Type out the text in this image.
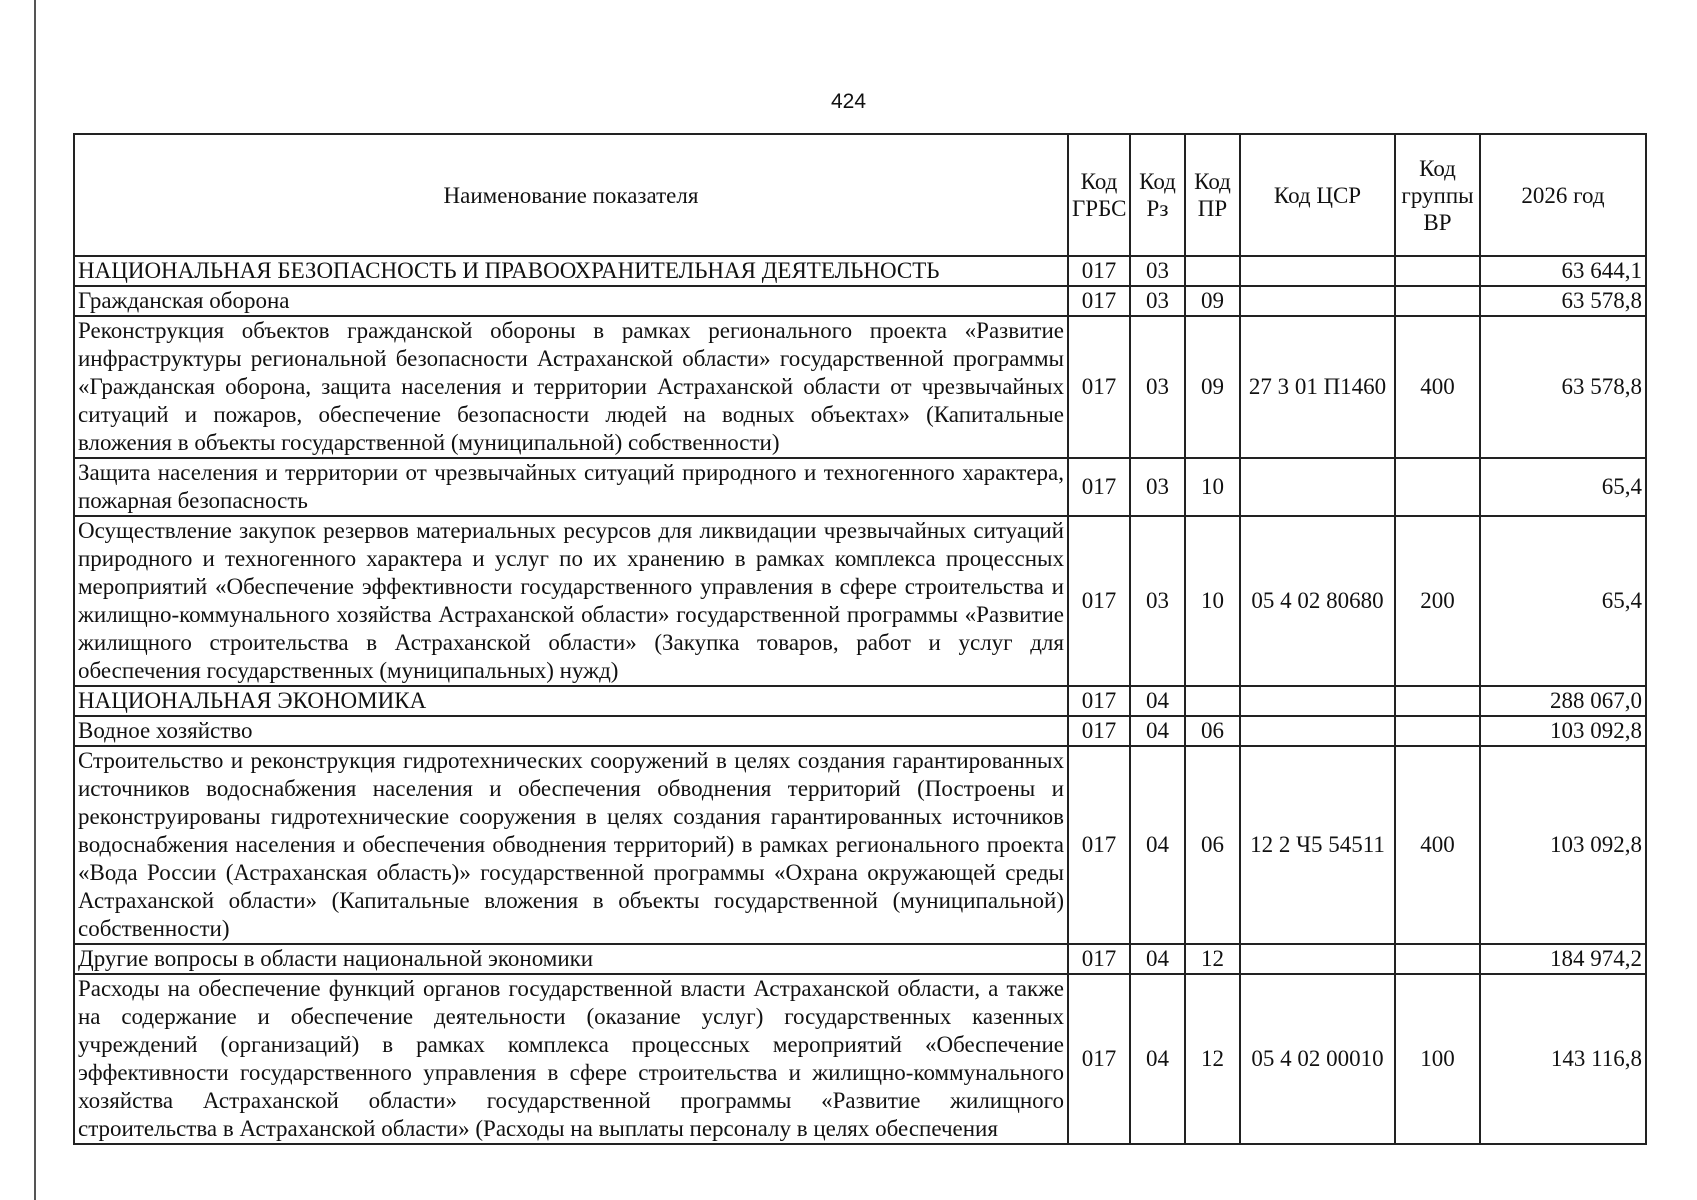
424
Наименование показателя	Код ГРБС	Код Рз	Код ПР	Код ЦСР	Код группы ВР	2026 год
НАЦИОНАЛЬНАЯ БЕЗОПАСНОСТЬ И ПРАВООХРАНИТЕЛЬНАЯ ДЕЯТЕЛЬНОСТЬ	017	03				63 644,1
Гражданская оборона	017	03	09			63 578,8
Реконструкция объектов гражданской обороны в рамках регионального проекта «Развитие инфраструктуры региональной безопасности Астраханской области» государственной программы «Гражданская оборона, защита населения и территории Астраханской области от чрезвычайных ситуаций и пожаров, обеспечение безопасности людей на водных объектах» (Капитальные вложения в объекты государственной (муниципальной) собственности)	017	03	09	27 3 01 П1460	400	63 578,8
Защита населения и территории от чрезвычайных ситуаций природного и техногенного характера, пожарная безопасность	017	03	10			65,4
Осуществление закупок резервов материальных ресурсов для ликвидации чрезвычайных ситуаций природного и техногенного характера и услуг по их хранению в рамках комплекса процессных мероприятий «Обеспечение эффективности государственного управления в сфере строительства и жилищно-коммунального хозяйства Астраханской области» государственной программы «Развитие жилищного строительства в Астраханской области» (Закупка товаров, работ и услуг для обеспечения государственных (муниципальных) нужд)	017	03	10	05 4 02 80680	200	65,4
НАЦИОНАЛЬНАЯ ЭКОНОМИКА	017	04				288 067,0
Водное хозяйство	017	04	06			103 092,8
Строительство и реконструкция гидротехнических сооружений в целях создания гарантированных источников водоснабжения населения и обеспечения обводнения территорий (Построены и реконструированы гидротехнические сооружения в целях создания гарантированных источников водоснабжения населения и обеспечения обводнения территорий) в рамках регионального проекта «Вода России (Астраханская область)» государственной программы «Охрана окружающей среды Астраханской области» (Капитальные вложения в объекты государственной (муниципальной) собственности)	017	04	06	12 2 Ч5 54511	400	103 092,8
Другие вопросы в области национальной экономики	017	04	12			184 974,2
Расходы на обеспечение функций органов государственной власти Астраханской области, а также на содержание и обеспечение деятельности (оказание услуг) государственных казенных учреждений (организаций) в рамках комплекса процессных мероприятий «Обеспечение эффективности государственного управления в сфере строительства и жилищно-коммунального хозяйства Астраханской области» государственной программы «Развитие жилищного строительства в Астраханской области» (Расходы на выплаты персоналу в целях обеспечения	017	04	12	05 4 02 00010	100	143 116,8
